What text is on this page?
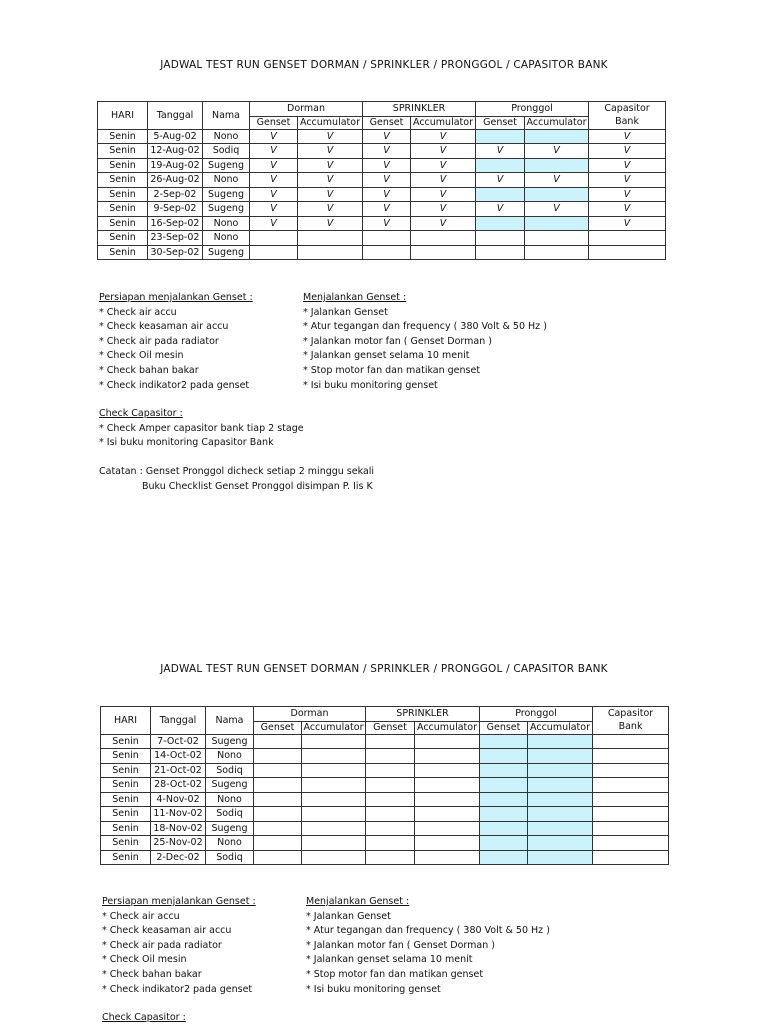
JADWAL TEST RUN GENSET DORMAN / SPRINKLER / PRONGGOL / CAPASITOR BANK
HARI	Tanggal	Nama	Dorman		SPRINKLER		Pronggol		Capasitor
Bank

			Genset	Accumulator	Genset	Accumulator	Genset	Accumulator	
Senin	5-Aug-02	Nono	V	V	V	V			V
Senin	12-Aug-02	Sodiq	V	V	V	V	V	V	V
Senin	19-Aug-02	Sugeng	V	V	V	V			V
Senin	26-Aug-02	Nono	V	V	V	V	V	V	V
Senin	2-Sep-02	Sugeng	V	V	V	V			V
Senin	9-Sep-02	Sugeng	V	V	V	V	V	V	V
Senin	16-Sep-02	Nono	V	V	V	V			V
Senin	23-Sep-02	Nono							
Senin	30-Sep-02	Sugeng							
Persiapan menjalankan Genset :
* Check air accu
* Check keasaman air accu
* Check air pada radiator
* Check Oil mesin
* Check bahan bakar
* Check indikator2 pada genset
Menjalankan Genset :
* Jalankan Genset
* Atur tegangan dan frequency ( 380 Volt & 50 Hz )
* Jalankan motor fan ( Genset Dorman )
* Jalankan genset selama 10 menit
* Stop motor fan dan matikan genset
* Isi buku monitoring genset
Check Capasitor :
* Check Amper capasitor bank tiap 2 stage
* Isi buku monitoring Capasitor Bank
Catatan : Genset Pronggol dicheck setiap 2 minggu sekali
Buku Checklist Genset Pronggol disimpan P. Iis K
JADWAL TEST RUN GENSET DORMAN / SPRINKLER / PRONGGOL / CAPASITOR BANK
HARI	Tanggal	Nama	Dorman		SPRINKLER		Pronggol		Capasitor
Bank

			Genset	Accumulator	Genset	Accumulator	Genset	Accumulator	
Senin	7-Oct-02	Sugeng							
Senin	14-Oct-02	Nono							
Senin	21-Oct-02	Sodiq							
Senin	28-Oct-02	Sugeng							
Senin	4-Nov-02	Nono							
Senin	11-Nov-02	Sodiq							
Senin	18-Nov-02	Sugeng							
Senin	25-Nov-02	Nono							
Senin	2-Dec-02	Sodiq							
Persiapan menjalankan Genset :
* Check air accu
* Check keasaman air accu
* Check air pada radiator
* Check Oil mesin
* Check bahan bakar
* Check indikator2 pada genset
Menjalankan Genset :
* Jalankan Genset
* Atur tegangan dan frequency ( 380 Volt & 50 Hz )
* Jalankan motor fan ( Genset Dorman )
* Jalankan genset selama 10 menit
* Stop motor fan dan matikan genset
* Isi buku monitoring genset
Check Capasitor :
